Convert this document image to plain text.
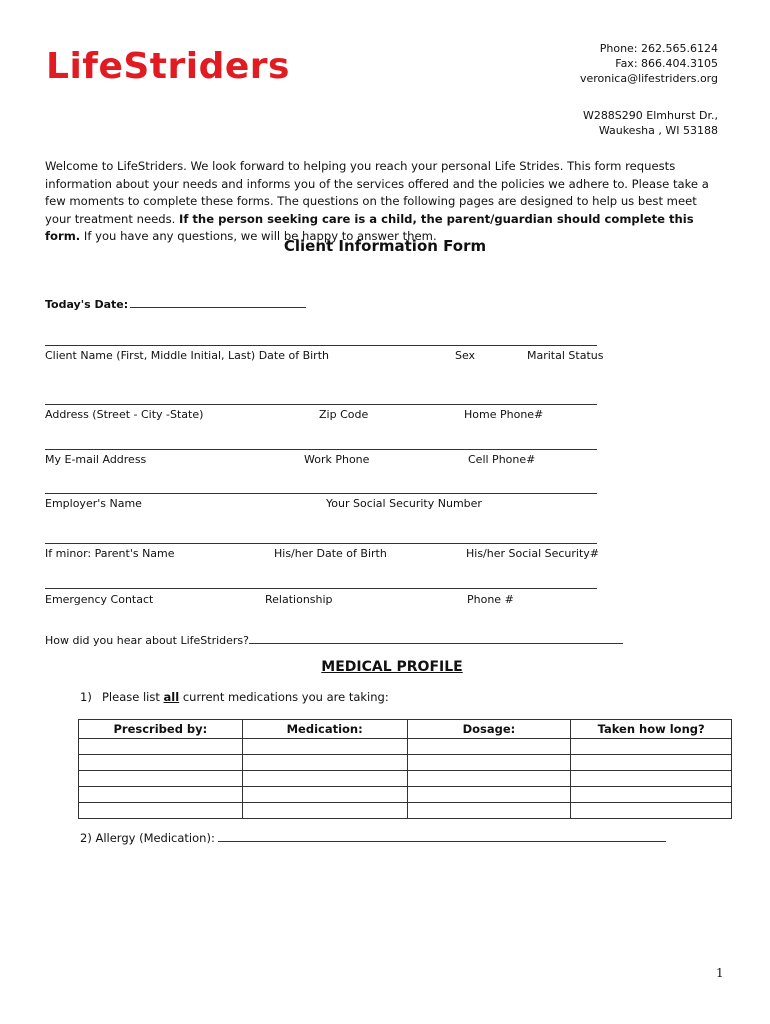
LifeStriders	Phone: 262.565.6124
Fax: 866.404.3105
veronica@lifestriders.org
W288S290 Elmhurst Dr.,
Waukesha , WI 53188
Welcome to LifeStriders. We look forward to helping you reach your personal Life Strides. This form requests information about your needs and informs you of the services offered and the policies we adhere to. Please take a few moments to complete these forms. The questions on the following pages are designed to help us best meet your treatment needs. If the person seeking care is a child, the parent/guardian should complete this form. If you have any questions, we will be happy to answer them.
Client Information Form
Today's Date:
Client Name (First, Middle Initial, Last) Date of Birth	Sex	Marital Status
Address (Street - City -State)	Zip Code	Home Phone#
My E-mail Address	Work Phone	Cell Phone#
Employer's Name	Your Social Security Number
If minor: Parent's Name	His/her Date of Birth	His/her Social Security#
Emergency Contact	Relationship	Phone #
How did you hear about LifeStriders?
MEDICAL PROFILE
1) Please list all current medications you are taking:
Prescribed by:	Medication:	Dosage:	Taken how long?

2) Allergy (Medication):
1
